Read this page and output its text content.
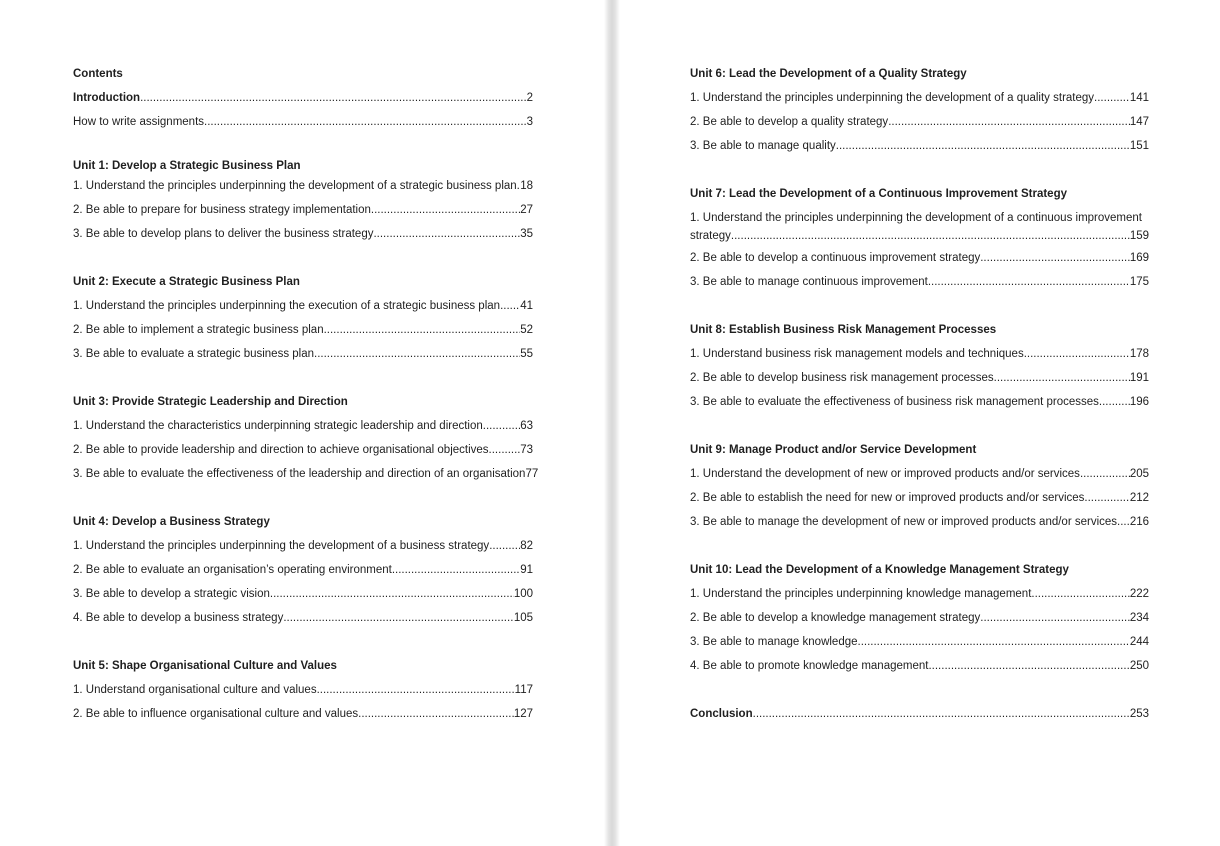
Contents
Introduction .....	2
How to write assignments .....	3
Unit 1: Develop a Strategic Business Plan
1. Understand the principles underpinning the development of a strategic business plan ..... 18
2. Be able to prepare for business strategy implementation .....	27
3. Be able to develop plans to deliver the business strategy .....	35
Unit 2: Execute a Strategic Business Plan
1. Understand the principles underpinning the execution of a strategic business plan ..... 41
2. Be able to implement a strategic business plan .....	52
3. Be able to evaluate a strategic business plan .....	55
Unit 3: Provide Strategic Leadership and Direction
1. Understand the characteristics underpinning strategic leadership and direction .....	63
2. Be able to provide leadership and direction to achieve organisational objectives .....	73
3. Be able to evaluate the effectiveness of the leadership and direction of an organisation 77
Unit 4: Develop a Business Strategy
1. Understand the principles underpinning the development of a business strategy .....	82
2. Be able to evaluate an organisation’s operating environment .....	91
3. Be able to develop a strategic vision .....	100
4. Be able to develop a business strategy .....	105
Unit 5: Shape Organisational Culture and Values
1. Understand organisational culture and values .....	117
2. Be able to influence organisational culture and values .....	127
Unit 6: Lead the Development of a Quality Strategy
1. Understand the principles underpinning the development of a quality strategy .....	141
2. Be able to develop a quality strategy .....	147
3. Be able to manage quality .....	151
Unit 7: Lead the Development of a Continuous Improvement Strategy
1. Understand the principles underpinning the development of a continuous improvement
strategy .....	159
2. Be able to develop a continuous improvement strategy .....	169
3. Be able to manage continuous improvement .....	175
Unit 8: Establish Business Risk Management Processes
1. Understand business risk management models and techniques .....	178
2. Be able to develop business risk management processes .....	191
3. Be able to evaluate the effectiveness of business risk management processes .....	196
Unit 9: Manage Product and/or Service Development
1. Understand the development of new or improved products and/or services .....	205
2. Be able to establish the need for new or improved products and/or services .....	212
3. Be able to manage the development of new or improved products and/or services ..... 216
Unit 10: Lead the Development of a Knowledge Management Strategy
1. Understand the principles underpinning knowledge management .....	222
2. Be able to develop a knowledge management strategy .....	234
3. Be able to manage knowledge .....	244
4. Be able to promote knowledge management .....	250
Conclusion .....	253
